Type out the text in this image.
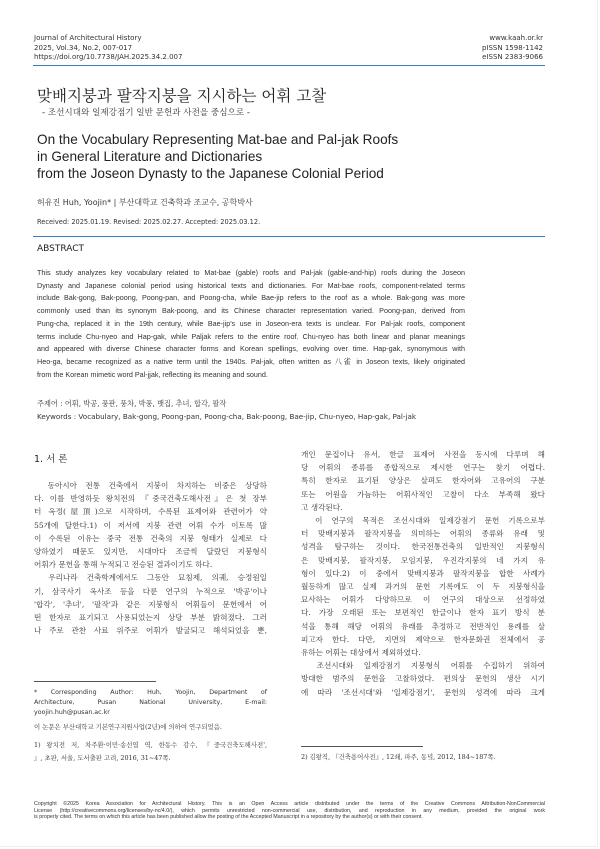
Journal of Architectural History
2025, Vol.34, No.2, 007-017
https://doi.org/10.7738/JAH.2025.34.2.007
www.kaah.or.kr
pISSN 1598-1142
eISSN 2383-9066
맞배지붕과 팔작지붕을 지시하는 어휘 고찰
- 조선시대와 일제강점기 일반 문헌과 사전을 중심으로 -
On the Vocabulary Representing Mat-bae and Pal-jak Roofs
in General Literature and Dictionaries
from the Joseon Dynasty to the Japanese Colonial Period
허유진 Huh, Yoojin* | 부산대학교 건축학과 조교수, 공학박사
Received: 2025.01.19. Revised: 2025.02.27. Accepted: 2025.03.12.
ABSTRACT
This study analyzes key vocabulary related to Mat-bae (gable) roofs and Pal-jak (gable-and-hip) roofs during the Joseon
Dynasty and Japanese colonial period using historical texts and dictionaries. For Mat-bae roofs, component-related terms
include Bak-gong, Bak-poong, Poong-pan, and Poong-cha, while Bae-jip refers to the roof as a whole. Bak-gong was more
commonly used than its synonym Bak-poong, and its Chinese character representation varied. Poong-pan, derived from
Pung-cha, replaced it in the 19th century, while Bae-jip's use in Joseon-era texts is unclear. For Pal-jak roofs, component
terms include Chu-nyeo and Hap-gak, while Paljak refers to the entire roof. Chu-nyeo has both linear and planar meanings
and appeared with diverse Chinese character forms and Korean spellings, evolving over time. Hap-gak, synonymous with
Heo-ga, became recognized as a native term until the 1940s. Pal-jak, often written as 八雀 in Joseon texts, likely originated
from the Korean mimetic word Pal-jjak, reflecting its meaning and sound.
주제어 : 어휘, 박공, 풍판, 풍차, 박풍, 뱃집, 추녀, 합각, 팔작
Keywords : Vocabulary, Bak-gong, Poong-pan, Poong-cha, Bak-poong, Bae-jip, Chu-nyeo, Hap-gak, Pal-jak
1. 서 론
　동아시아 전통 건축에서 지붕이 차지하는 비중은 상당하
다. 이를 반영하듯 왕치전의 『중국건축도해사전』은 첫 장부
터 옥정(屋頂)으로 시작하며, 수록된 표제어와 관련어가 약
55개에 달한다.1) 이 저서에 지붕 관련 어휘 수가 이토록 많
이 수록된 이유는 중국 전통 건축의 지붕 형태가 실제로 다
양하였기 때문도 있지만, 시대마다 조금씩 달랐던 지붕형식
어휘가 문헌을 통해 누적되고 전승된 결과이기도 하다.
　우리나라 건축학계에서도 그동안 묘침제, 의궤, 승정원일
기, 삼국사기 옥사조 등을 다룬 연구의 누적으로 '박공'이나
'합각', '추녀', '팔작'과 같은 지붕형식 어휘들이 문헌에서 어
떤 한자로 표기되고 사용되었는지 상당 부분 밝혀졌다. 그러
나 주로 관찬 사료 위주로 어휘가 발굴되고 해석되었을 뿐,
* Corresponding Author: Huh, Yoojin, Department of
Architecture, Pusan National University, E-mail:
yoojin.huh@pusan.ac.kr
이 논문은 부산대학교 기본연구지원사업(2년)에 의하여 연구되었음.
1) 왕치전 저, 차주환·이민·송선엽 역, 한동수 감수, 『중국건축도해사전',
』, 초판, 서울, 도서출판 고려, 2016, 31~47쪽.
개인 문집이나 유서, 한글 표제어 사전을 동시에 다루며 해
당 어휘의 종류를 종합적으로 제시한 연구는 찾기 어렵다.
특히 한자로 표기된 양상은 살펴도 한자어와 고유어의 구분
또는 어원을 가늠하는 어휘사적인 고찰이 다소 부족해 왔다
고 생각된다.
　이 연구의 목적은 조선시대와 일제강점기 문헌 기록으로부
터 맞배지붕과 팔작지붕을 의미하는 어휘의 종류와 유래 및
성격을 탐구하는 것이다. 한국전통건축의 일반적인 지붕형식
은 맞배지붕, 팔작지붕, 모임지붕, 우진각지붕의 네 가지 유
형이 있다.2) 이 중에서 맞배지붕과 팔작지붕을 합한 사례가
월등하게 많고 실제 과거의 문헌 기록에도 이 두 지붕형식을
묘사하는 어휘가 다양하므로 이 연구의 대상으로 선정하였
다. 가장 오래된 또는 보편적인 한글이나 한자 표기 방식 분
석을 통해 해당 어휘의 유래를 추정하고 전반적인 용례를 살
피고자 한다. 다만, 지면의 제약으로 한자문화권 전체에서 공
유하는 어휘는 대상에서 제외하였다.
　조선시대와 일제강점기 지붕형식 어휘를 수집하기 위하여
방대한 범주의 문헌을 고찰하였다. 편의상 문헌의 생산 시기
에 따라 '조선시대'와 '일제강점기', 문헌의 성격에 따라 크게
2) 김왕직, 『건축용어사전』, 12쇄, 파주, 동녘, 2012, 184~187쪽.
Copyright ©2025 Korea Association for Architectural History. This is an Open Access article distributed under the terms of the Creative Commons Attribution-NonCommercial
License (http://creativecommons.org/licenses/by-nc/4.0/), which permits unrestricted non-commercial use, distribution, and reproduction in any medium, provided the original work
is properly cited. The terms on which this article has been published allow the posting of the Accepted Manuscript in a repository by the author(s) or with their consent.
